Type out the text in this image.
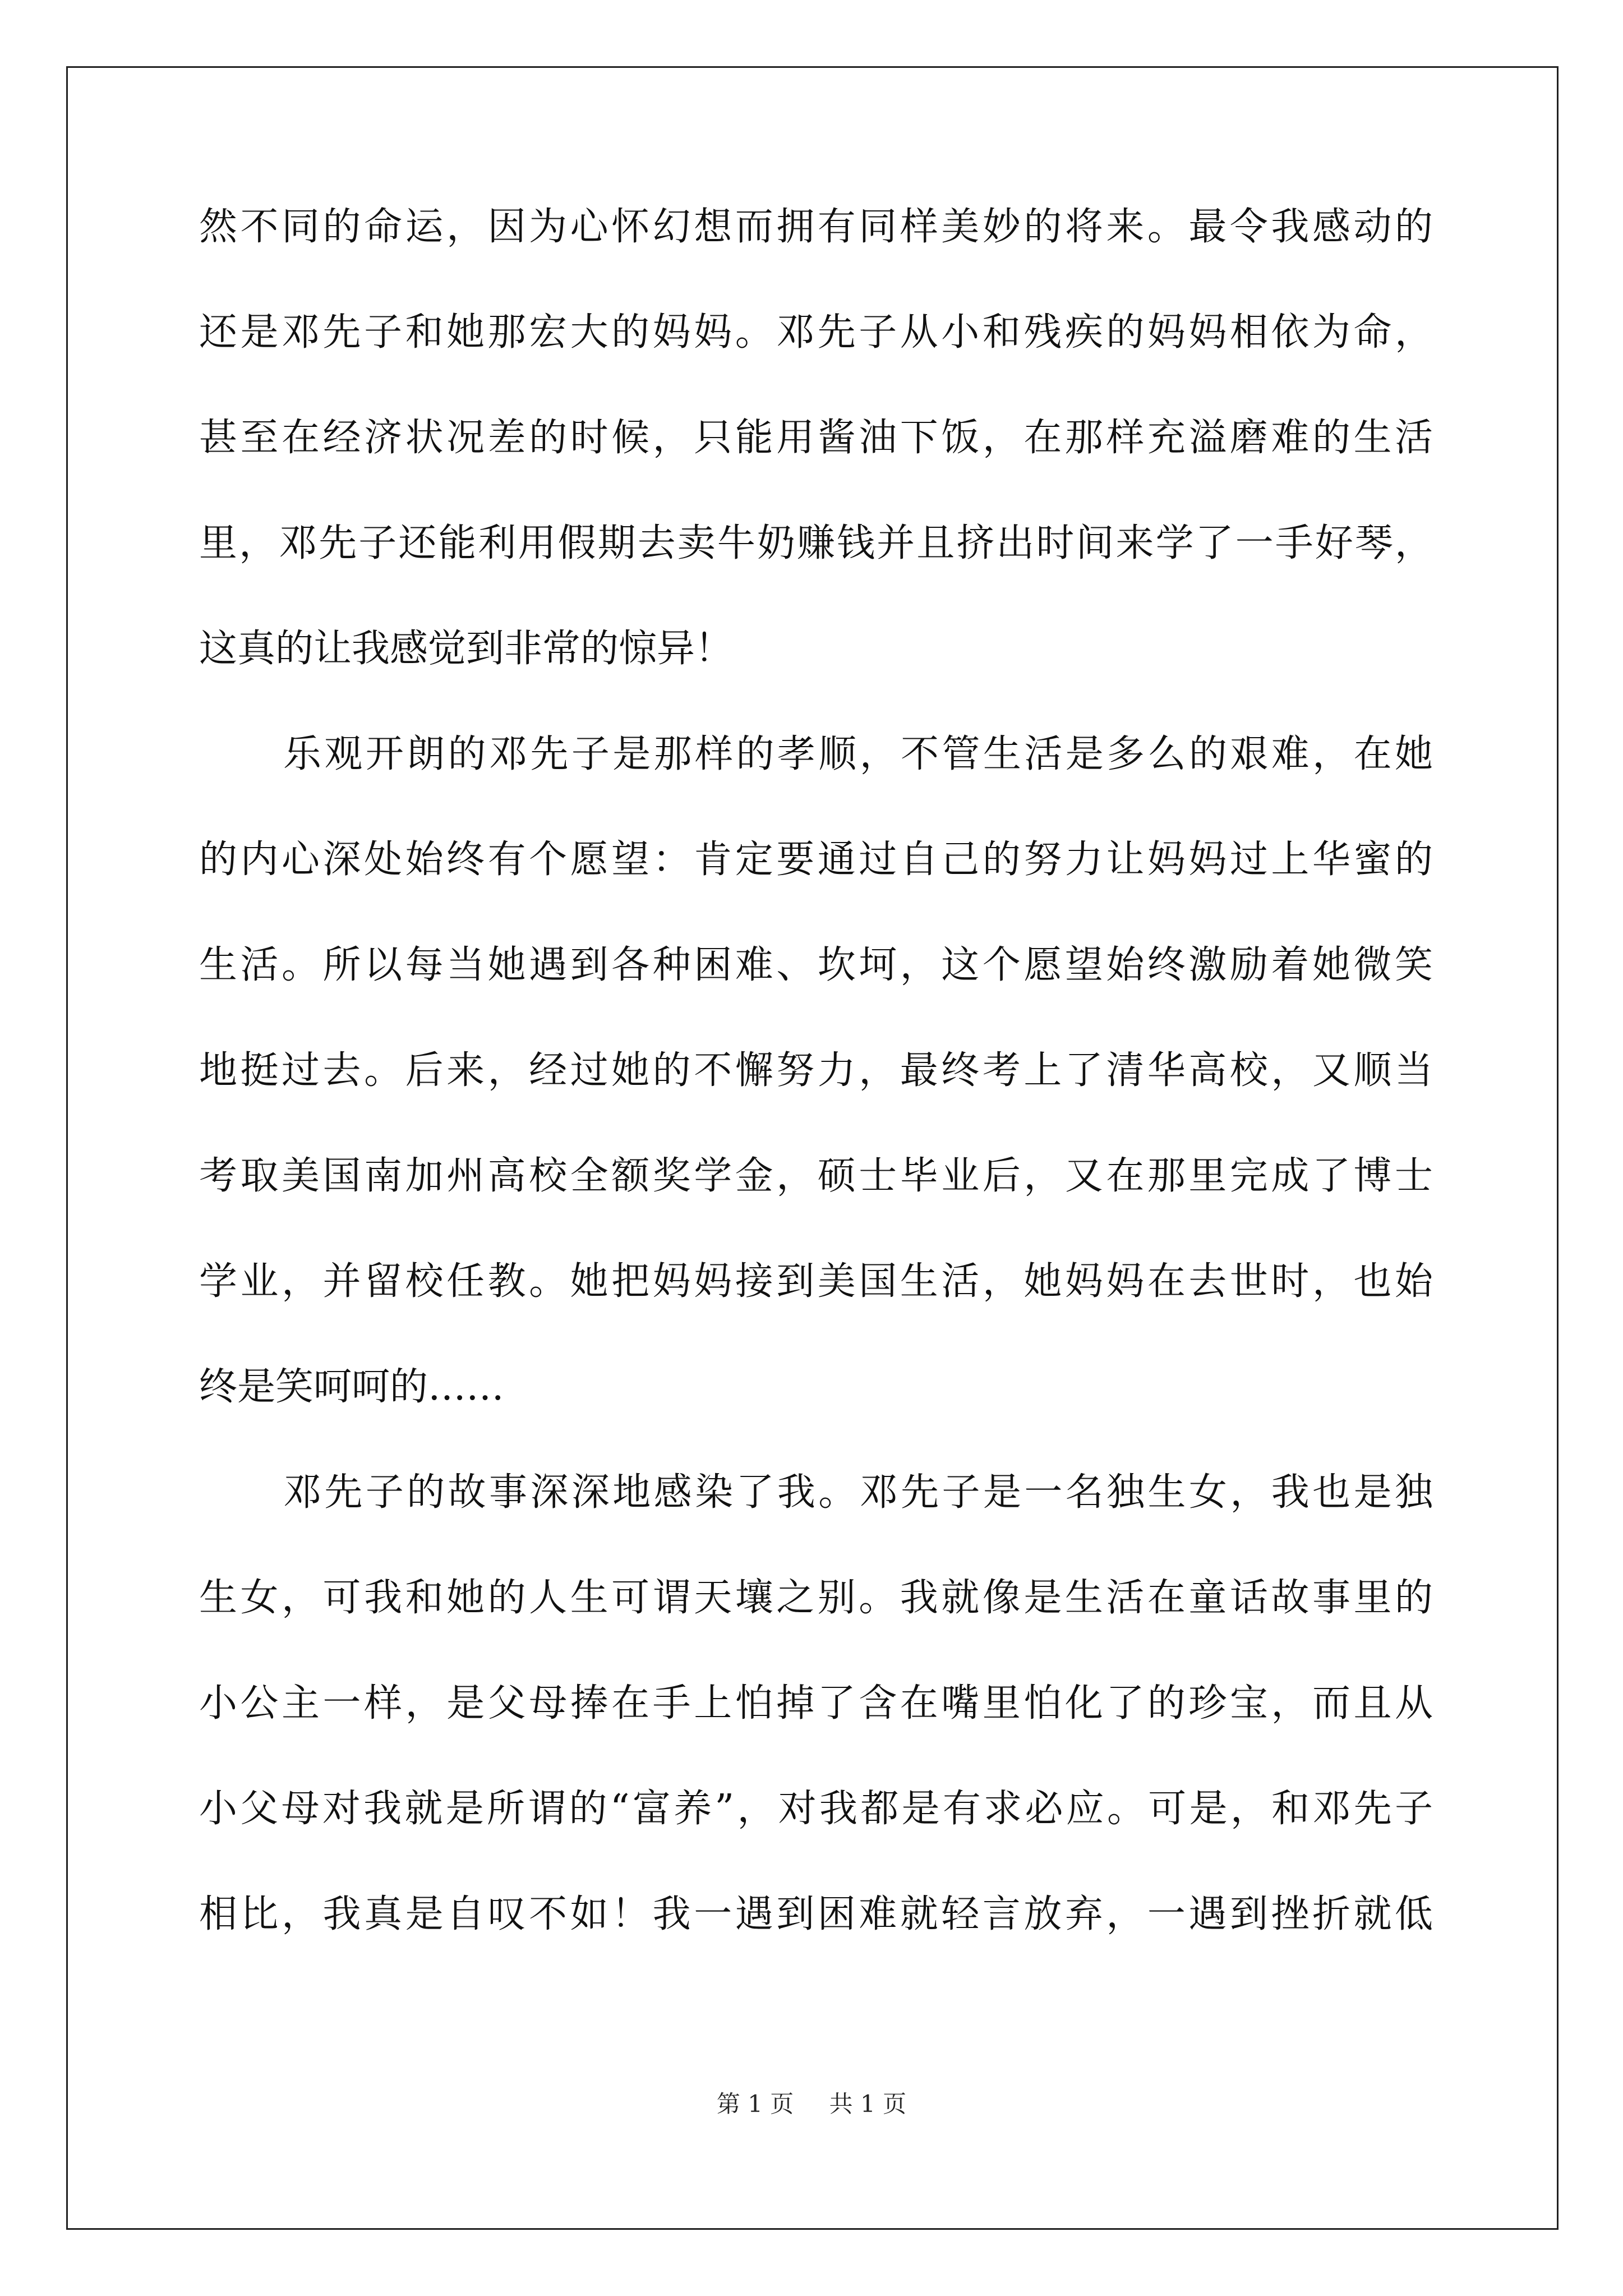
然不同的命运，因为心怀幻想而拥有同样美妙的将来。最令我感动的
还是邓先子和她那宏大的妈妈。邓先子从小和残疾的妈妈相依为命，
甚至在经济状况差的时候，只能用酱油下饭，在那样充溢磨难的生活
里，邓先子还能利用假期去卖牛奶赚钱并且挤出时间来学了一手好琴，
这真的让我感觉到非常的惊异！
乐观开朗的邓先子是那样的孝顺，不管生活是多么的艰难，在她
的内心深处始终有个愿望：肯定要通过自己的努力让妈妈过上华蜜的
生活。所以每当她遇到各种困难、坎坷，这个愿望始终激励着她微笑
地挺过去。后来，经过她的不懈努力，最终考上了清华高校，又顺当
考取美国南加州高校全额奖学金，硕士毕业后，又在那里完成了博士
学业，并留校任教。她把妈妈接到美国生活，她妈妈在去世时，也始
终是笑呵呵的……
邓先子的故事深深地感染了我。邓先子是一名独生女，我也是独
生女，可我和她的人生可谓天壤之别。我就像是生活在童话故事里的
小公主一样，是父母捧在手上怕掉了含在嘴里怕化了的珍宝，而且从
小父母对我就是所谓的“富养”，对我都是有求必应。可是，和邓先子
相比，我真是自叹不如！我一遇到困难就轻言放弃，一遇到挫折就低
第 1 页 共 1 页
